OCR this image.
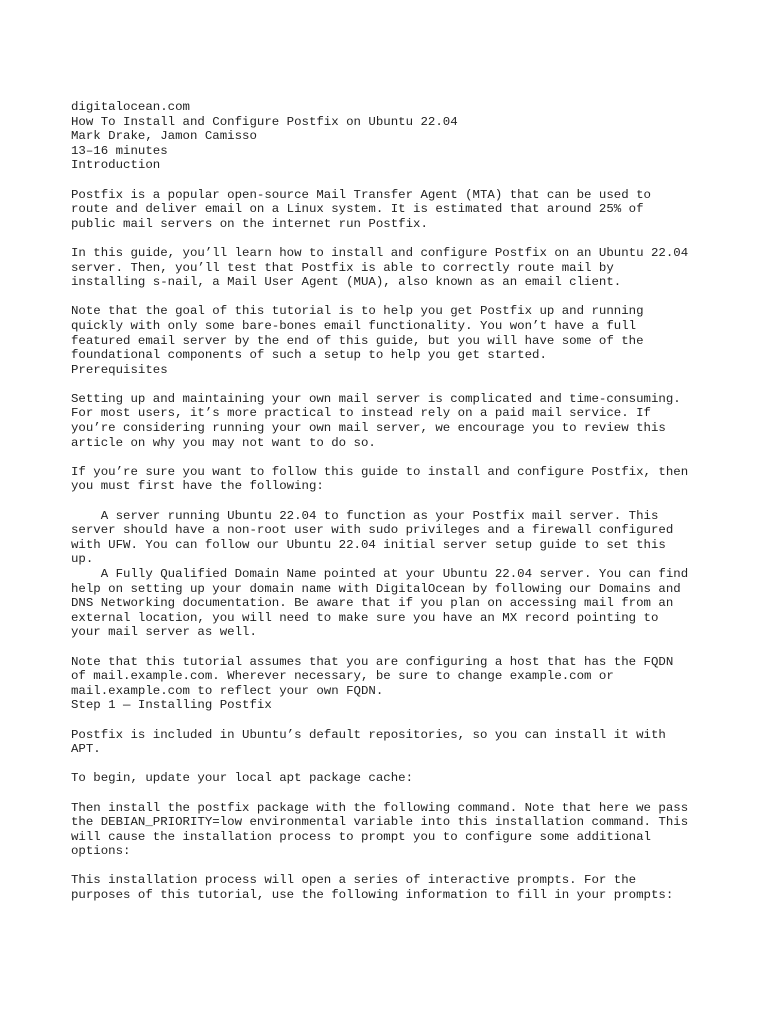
digitalocean.com
How To Install and Configure Postfix on Ubuntu 22.04
Mark Drake, Jamon Camisso
13–16 minutes
Introduction
Postfix is a popular open-source Mail Transfer Agent (MTA) that can be used to
route and deliver email on a Linux system. It is estimated that around 25% of
public mail servers on the internet run Postfix.
In this guide, you’ll learn how to install and configure Postfix on an Ubuntu 22.04
server. Then, you’ll test that Postfix is able to correctly route mail by
installing s-nail, a Mail User Agent (MUA), also known as an email client.
Note that the goal of this tutorial is to help you get Postfix up and running
quickly with only some bare-bones email functionality. You won’t have a full
featured email server by the end of this guide, but you will have some of the
foundational components of such a setup to help you get started.
Prerequisites
Setting up and maintaining your own mail server is complicated and time-consuming.
For most users, it’s more practical to instead rely on a paid mail service. If
you’re considering running your own mail server, we encourage you to review this
article on why you may not want to do so.
If you’re sure you want to follow this guide to install and configure Postfix, then
you must first have the following:
A server running Ubuntu 22.04 to function as your Postfix mail server. This
server should have a non-root user with sudo privileges and a firewall configured
with UFW. You can follow our Ubuntu 22.04 initial server setup guide to set this
up.
A Fully Qualified Domain Name pointed at your Ubuntu 22.04 server. You can find
help on setting up your domain name with DigitalOcean by following our Domains and
DNS Networking documentation. Be aware that if you plan on accessing mail from an
external location, you will need to make sure you have an MX record pointing to
your mail server as well.
Note that this tutorial assumes that you are configuring a host that has the FQDN
of mail.example.com. Wherever necessary, be sure to change example.com or
mail.example.com to reflect your own FQDN.
Step 1 — Installing Postfix
Postfix is included in Ubuntu’s default repositories, so you can install it with
APT.
To begin, update your local apt package cache:
Then install the postfix package with the following command. Note that here we pass
the DEBIAN_PRIORITY=low environmental variable into this installation command. This
will cause the installation process to prompt you to configure some additional
options:
This installation process will open a series of interactive prompts. For the
purposes of this tutorial, use the following information to fill in your prompts:
